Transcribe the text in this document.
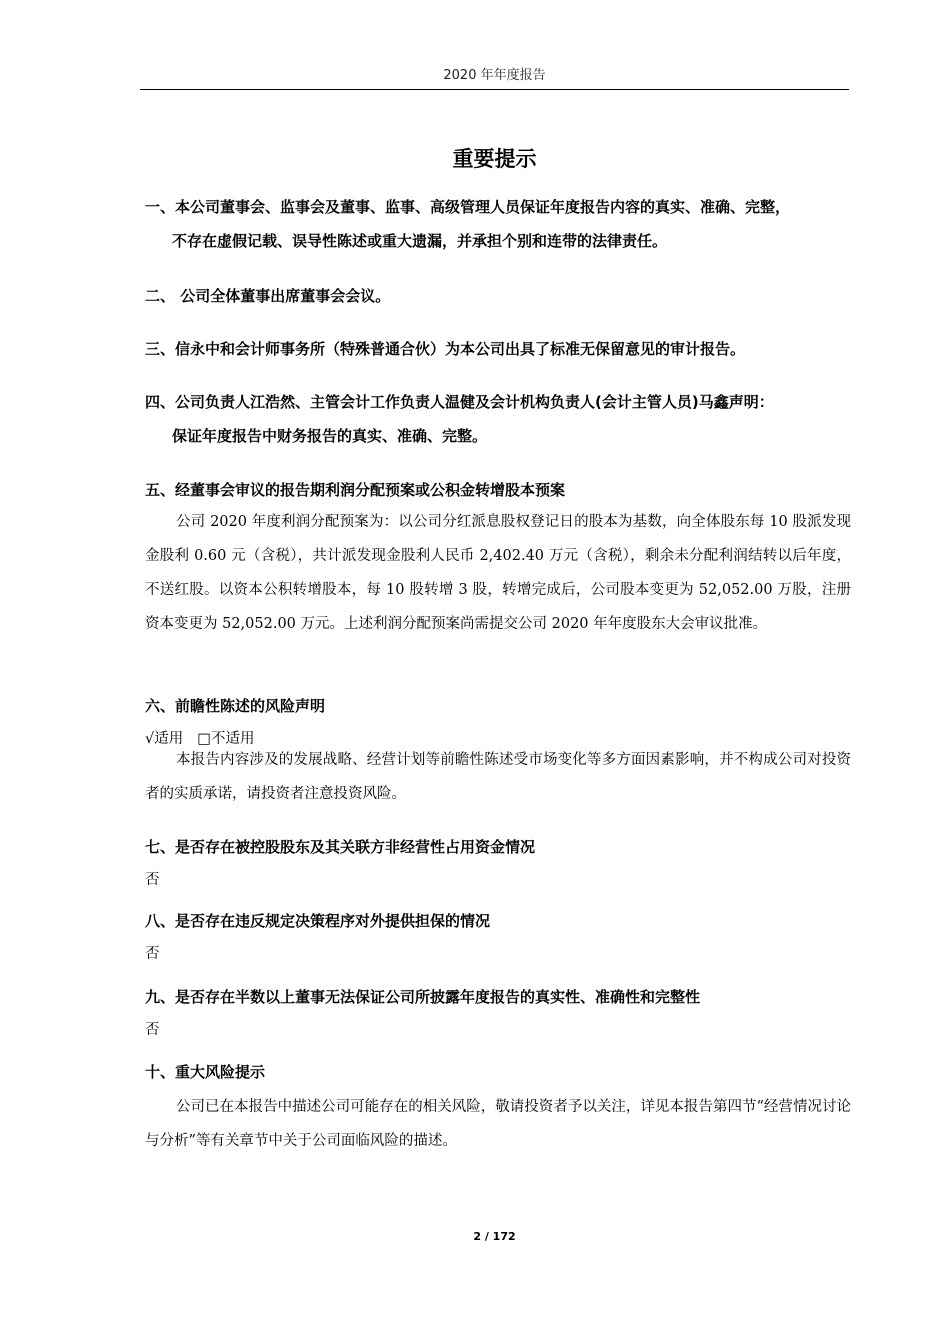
2020 年年度报告
重要提示
一、本公司董事会、监事会及董事、监事、高级管理人员保证年度报告内容的真实、准确、完整，
不存在虚假记载、误导性陈述或重大遗漏，并承担个别和连带的法律责任。
二、 公司全体董事出席董事会会议。
三、信永中和会计师事务所（特殊普通合伙）为本公司出具了标准无保留意见的审计报告。
四、公司负责人江浩然、主管会计工作负责人温健及会计机构负责人(会计主管人员)马鑫声明：
保证年度报告中财务报告的真实、准确、完整。
五、经董事会审议的报告期利润分配预案或公积金转增股本预案
公司 2020 年度利润分配预案为：以公司分红派息股权登记日的股本为基数，向全体股东每 10 股派发现金股利 0.60 元（含税），共计派发现金股利人民币 2,402.40 万元（含税），剩余未分配利润结转以后年度，不送红股。以资本公积转增股本，每 10 股转增 3 股，转增完成后，公司股本变更为 52,052.00 万股，注册资本变更为 52,052.00 万元。上述利润分配预案尚需提交公司 2020 年年度股东大会审议批准。
六、前瞻性陈述的风险声明
√适用 □不适用
本报告内容涉及的发展战略、经营计划等前瞻性陈述受市场变化等多方面因素影响，并不构成公司对投资者的实质承诺，请投资者注意投资风险。
七、是否存在被控股股东及其关联方非经营性占用资金情况
否
八、是否存在违反规定决策程序对外提供担保的情况
否
九、是否存在半数以上董事无法保证公司所披露年度报告的真实性、准确性和完整性
否
十、重大风险提示
公司已在本报告中描述公司可能存在的相关风险，敬请投资者予以关注，详见本报告第四节“经营情况讨论与分析”等有关章节中关于公司面临风险的描述。
2 / 172
